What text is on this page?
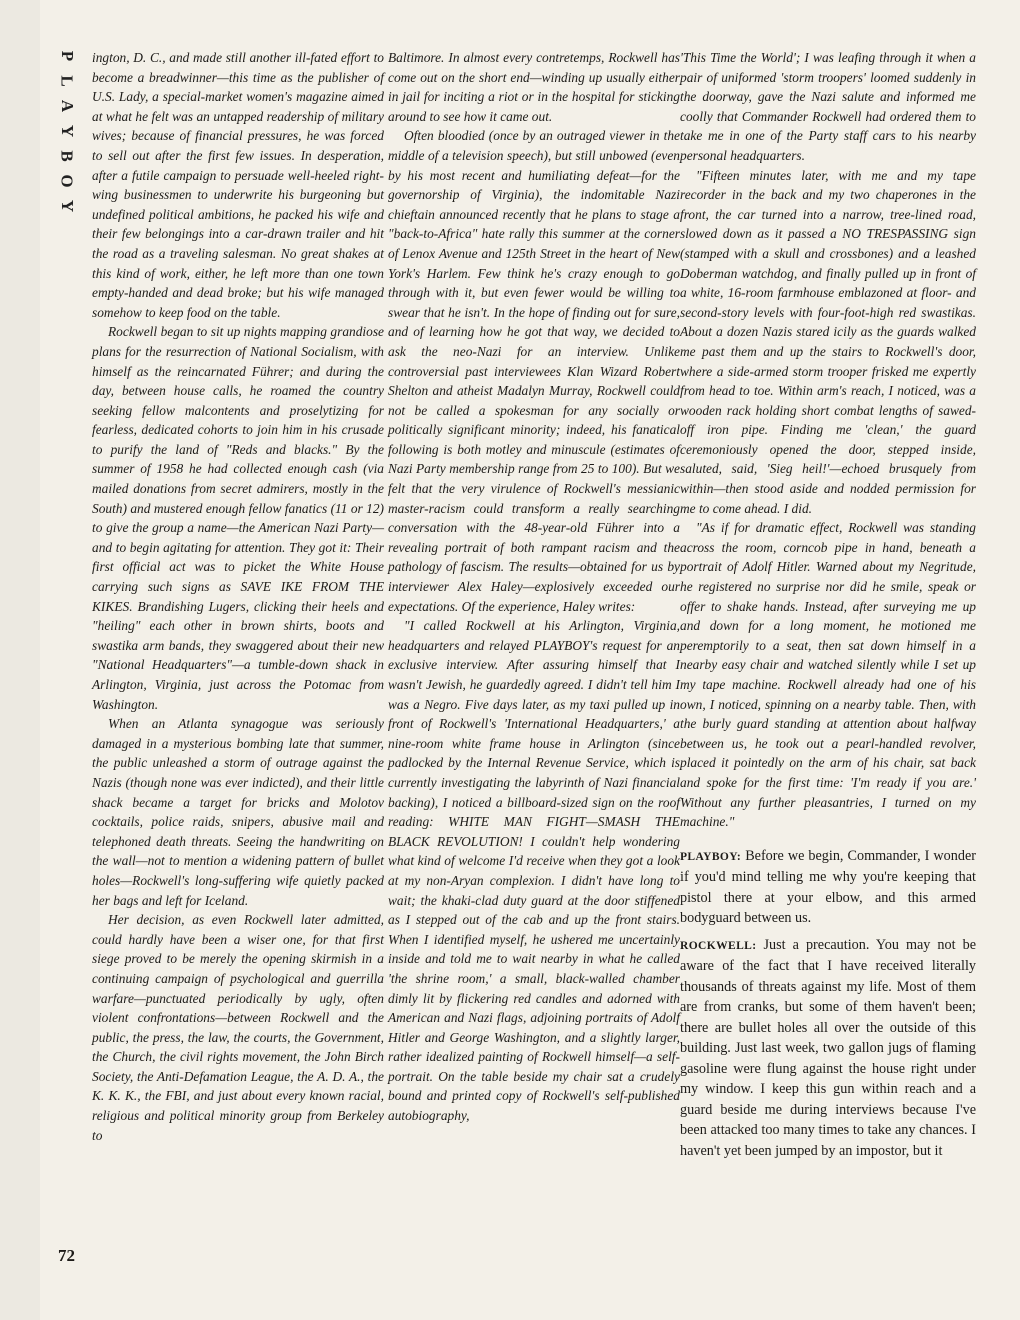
P
L
A
Y
B
O
Y

ington, D. C., and made still another ill-fated effort to become a breadwinner—this time as the publisher of U.S. Lady, a special-market women's magazine aimed at what he felt was an untapped readership of military wives; because of financial pressures, he was forced to sell out after the first few issues. In desperation, after a futile campaign to persuade well-heeled right-wing businessmen to underwrite his burgeoning but undefined political ambitions, he packed his wife and their few belongings into a car-drawn trailer and hit the road as a traveling salesman. No great shakes at this kind of work, either, he left more than one town empty-handed and dead broke; but his wife managed somehow to keep food on the table.

Rockwell began to sit up nights mapping grandiose plans for the resurrection of National Socialism, with himself as the reincarnated Führer; and during the day, between house calls, he roamed the country seeking fellow malcontents and proselytizing for fearless, dedicated cohorts to join him in his crusade to purify the land of "Reds and blacks." By the summer of 1958 he had collected enough cash (via mailed donations from secret admirers, mostly in the South) and mustered enough fellow fanatics (11 or 12) to give the group a name—the American Nazi Party—and to begin agitating for attention. They got it: Their first official act was to picket the White House carrying such signs as SAVE IKE FROM THE KIKES. Brandishing Lugers, clicking their heels and "heiling" each other in brown shirts, boots and swastika arm bands, they swaggered about their new "National Headquarters"—a tumble-down shack in Arlington, Virginia, just across the Potomac from Washington.

When an Atlanta synagogue was seriously damaged in a mysterious bombing late that summer, the public unleashed a storm of outrage against the Nazis (though none was ever indicted), and their little shack became a target for bricks and Molotov cocktails, police raids, snipers, abusive mail and telephoned death threats. Seeing the handwriting on the wall—not to mention a widening pattern of bullet holes—Rockwell's long-suffering wife quietly packed her bags and left for Iceland.

Her decision, as even Rockwell later admitted, could hardly have been a wiser one, for that first siege proved to be merely the opening skirmish in a continuing campaign of psychological and guerrilla warfare—punctuated periodically by ugly, often violent confrontations—between Rockwell and the public, the press, the law, the courts, the Government, the Church, the civil rights movement, the John Birch Society, the Anti-Defamation League, the A. D. A., the K. K. K., the FBI, and just about every known racial, religious and political minority group from Berkeley to

Baltimore. In almost every contretemps, Rockwell has come out on the short end—winding up usually either in jail for inciting a riot or in the hospital for sticking around to see how it came out.

Often bloodied (once by an outraged viewer in the middle of a television speech), but still unbowed (even by his most recent and humiliating defeat—for the governorship of Virginia), the indomitable Nazi chieftain announced recently that he plans to stage a "back-to-Africa" hate rally this summer at the corner of Lenox Avenue and 125th Street in the heart of New York's Harlem. Few think he's crazy enough to go through with it, but even fewer would be willing to swear that he isn't. In the hope of finding out for sure, and of learning how he got that way, we decided to ask the neo-Nazi for an interview. Unlike controversial past interviewees Klan Wizard Robert Shelton and atheist Madalyn Murray, Rockwell could not be called a spokesman for any socially or politically significant minority; indeed, his fanatical following is both motley and minuscule (estimates of Nazi Party membership range from 25 to 100). But we felt that the very virulence of Rockwell's messianic master-racism could transform a really searching conversation with the 48-year-old Führer into a revealing portrait of both rampant racism and the pathology of fascism. The results—obtained for us by interviewer Alex Haley—explosively exceeded our expectations. Of the experience, Haley writes:

"I called Rockwell at his Arlington, Virginia, headquarters and relayed PLAYBOY's request for an exclusive interview. After assuring himself that I wasn't Jewish, he guardedly agreed. I didn't tell him I was a Negro. Five days later, as my taxi pulled up in front of Rockwell's 'International Headquarters,' a nine-room white frame house in Arlington (since padlocked by the Internal Revenue Service, which is currently investigating the labyrinth of Nazi financial backing), I noticed a billboard-sized sign on the roof reading: WHITE MAN FIGHT—SMASH THE BLACK REVOLUTION! I couldn't help wondering what kind of welcome I'd receive when they got a look at my non-Aryan complexion. I didn't have long to wait; the khaki-clad duty guard at the door stiffened as I stepped out of the cab and up the front stairs. When I identified myself, he ushered me uncertainly inside and told me to wait nearby in what he called 'the shrine room,' a small, black-walled chamber dimly lit by flickering red candles and adorned with American and Nazi flags, adjoining portraits of Adolf Hitler and George Washington, and a slightly larger, rather idealized painting of Rockwell himself—a self-portrait. On the table beside my chair sat a crudely bound and printed copy of Rockwell's self-published autobiography,

'This Time the World'; I was leafing through it when a pair of uniformed 'storm troopers' loomed suddenly in the doorway, gave the Nazi salute and informed me coolly that Commander Rockwell had ordered them to take me in one of the Party staff cars to his nearby personal headquarters.

"Fifteen minutes later, with me and my tape recorder in the back and my two chaperones in the front, the car turned into a narrow, tree-lined road, slowed down as it passed a NO TRESPASSING sign (stamped with a skull and crossbones) and a leashed Doberman watchdog, and finally pulled up in front of a white, 16-room farmhouse emblazoned at floor- and second-story levels with four-foot-high red swastikas. About a dozen Nazis stared icily as the guards walked me past them and up the stairs to Rockwell's door, where a side-armed storm trooper frisked me expertly from head to toe. Within arm's reach, I noticed, was a wooden rack holding short combat lengths of sawed-off iron pipe. Finding me 'clean,' the guard ceremoniously opened the door, stepped inside, saluted, said, 'Sieg heil!'—echoed brusquely from within—then stood aside and nodded permission for me to come ahead. I did.

"As if for dramatic effect, Rockwell was standing across the room, corncob pipe in hand, beneath a portrait of Adolf Hitler. Warned about my Negritude, he registered no surprise nor did he smile, speak or offer to shake hands. Instead, after surveying me up and down for a long moment, he motioned me peremptorily to a seat, then sat down himself in a nearby easy chair and watched silently while I set up my tape machine. Rockwell already had one of his own, I noticed, spinning on a nearby table. Then, with the burly guard standing at attention about halfway between us, he took out a pearl-handled revolver, placed it pointedly on the arm of his chair, sat back and spoke for the first time: 'I'm ready if you are.' Without any further pleasantries, I turned on my machine."

PLAYBOY: Before we begin, Commander, I wonder if you'd mind telling me why you're keeping that pistol there at your elbow, and this armed bodyguard between us.

ROCKWELL: Just a precaution. You may not be aware of the fact that I have received literally thousands of threats against my life. Most of them are from cranks, but some of them haven't been; there are bullet holes all over the outside of this building. Just last week, two gallon jugs of flaming gasoline were flung against the house right under my window. I keep this gun within reach and a guard beside me during interviews because I've been attacked too many times to take any chances. I haven't yet been jumped by an impostor, but it

72
